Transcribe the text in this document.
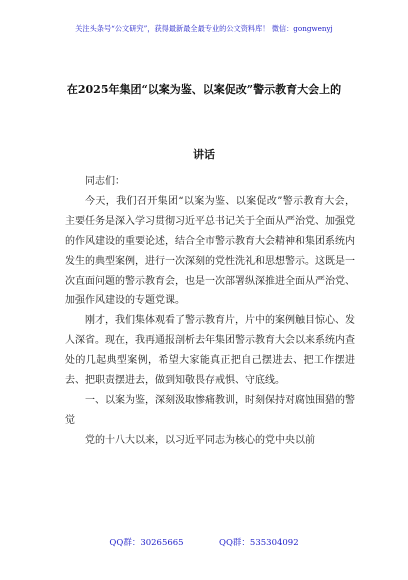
关注头条号“公文研究”，获得最新最全最专业的公文资料库！ 微信：gongwenyj
在2025年集团“以案为鉴、以案促改”警示教育大会上的
讲话

同志们：

今天，我们召开集团“以案为鉴、以案促改”警示教育大会，主要任务是深入学习贯彻习近平总书记关于全面从严治党、加强党的作风建设的重要论述，结合全市警示教育大会精神和集团系统内发生的典型案例，进行一次深刻的党性洗礼和思想警示。这既是一次直面问题的警示教育会，也是一次部署纵深推进全面从严治党、加强作风建设的专题党课。

刚才，我们集体观看了警示教育片，片中的案例触目惊心、发人深省。现在，我再通报剖析去年集团警示教育大会以来系统内查处的几起典型案例，希望大家能真正把自己摆进去、把工作摆进去、把职责摆进去，做到知敬畏存戒惧、守底线。

一、以案为鉴，深刻汲取惨痛教训，时刻保持对腐蚀围猎的警觉

党的十八大以来，以习近平同志为核心的党中央以前

QQ群：30265665	QQ群：535304092
